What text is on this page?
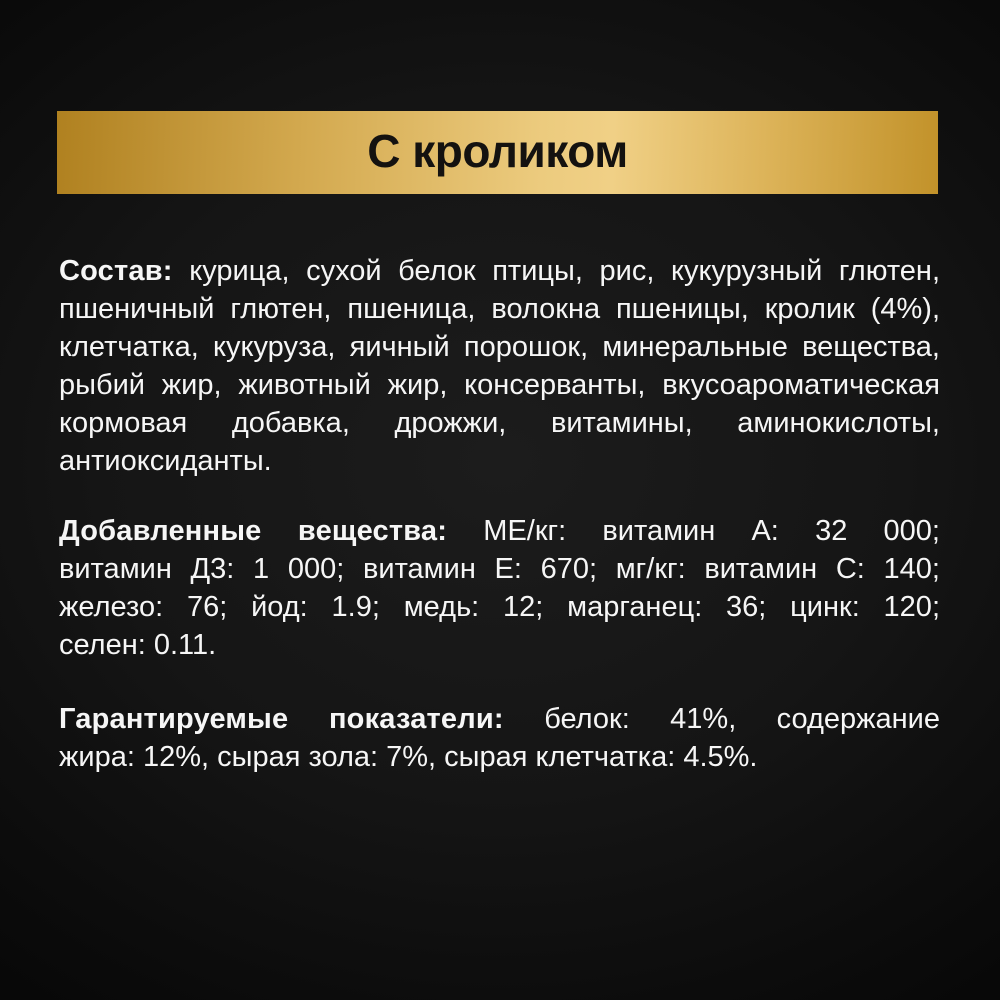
С кроликом
Состав: курица, сухой белок птицы, рис, кукурузный глютен,
пшеничный глютен, пшеница, волокна пшеницы, кролик (4%),
клетчатка, кукуруза, яичный порошок, минеральные вещества,
рыбий жир, животный жир, консерванты, вкусоароматическая
кормовая добавка, дрожжи, витамины, аминокислоты,
антиоксиданты.
Добавленные вещества: МЕ/кг: витамин А: 32 000;
витамин Д3: 1 000; витамин Е: 670; мг/кг: витамин С: 140;
железо: 76; йод: 1.9; медь: 12; марганец: 36; цинк: 120;
селен: 0.11.
Гарантируемые показатели: белок: 41%, содержание
жира: 12%, сырая зола: 7%, сырая клетчатка: 4.5%.
